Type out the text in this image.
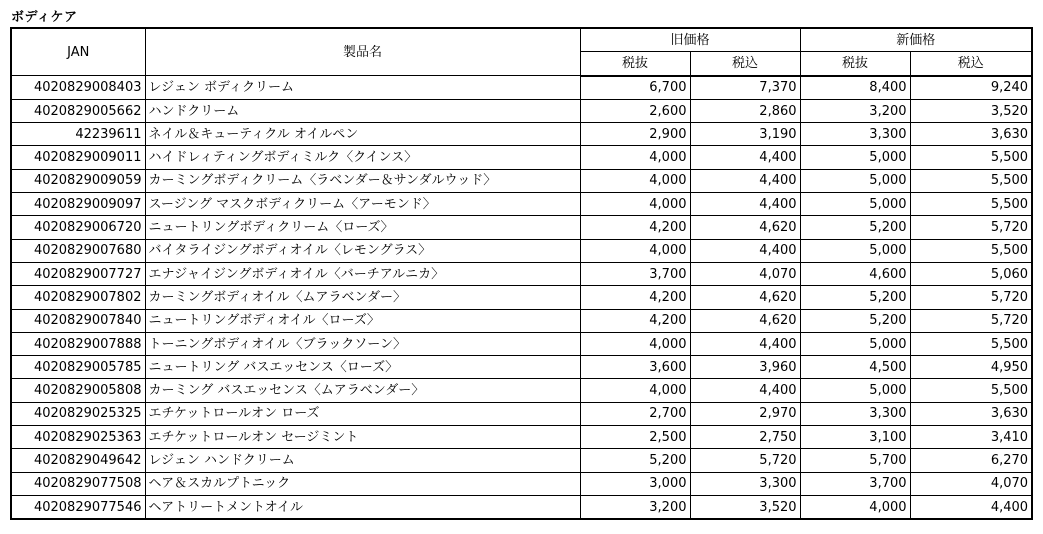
ボディケア
JAN	製品名	旧価格		新価格	
		税抜	税込	税抜	税込
4020829008403	レジェン ボディクリーム	6,700	7,370	8,400	9,240
4020829005662	ハンドクリーム	2,600	2,860	3,200	3,520
42239611	ネイル＆キューティクル オイルペン	2,900	3,190	3,300	3,630
4020829009011	ハイドレィティングボディミルク〈クインス〉	4,000	4,400	5,000	5,500
4020829009059	カーミングボディクリーム〈ラベンダー＆サンダルウッド〉	4,000	4,400	5,000	5,500
4020829009097	スージング マスクボディクリーム〈アーモンド〉	4,000	4,400	5,000	5,500
4020829006720	ニュートリングボディクリーム〈ローズ〉	4,200	4,620	5,200	5,720
4020829007680	バイタライジングボディオイル〈レモングラス〉	4,000	4,400	5,000	5,500
4020829007727	エナジャイジングボディオイル〈バーチアルニカ〉	3,700	4,070	4,600	5,060
4020829007802	カーミングボディオイル〈ムアラベンダー〉	4,200	4,620	5,200	5,720
4020829007840	ニュートリングボディオイル〈ローズ〉	4,200	4,620	5,200	5,720
4020829007888	トーニングボディオイル〈ブラックソーン〉	4,000	4,400	5,000	5,500
4020829005785	ニュートリング バスエッセンス〈ローズ〉	3,600	3,960	4,500	4,950
4020829005808	カーミング バスエッセンス〈ムアラベンダー〉	4,000	4,400	5,000	5,500
4020829025325	エチケットロールオン ローズ	2,700	2,970	3,300	3,630
4020829025363	エチケットロールオン セージミント	2,500	2,750	3,100	3,410
4020829049642	レジェン ハンドクリーム	5,200	5,720	5,700	6,270
4020829077508	ヘア＆スカルプトニック	3,000	3,300	3,700	4,070
4020829077546	ヘアトリートメントオイル	3,200	3,520	4,000	4,400
